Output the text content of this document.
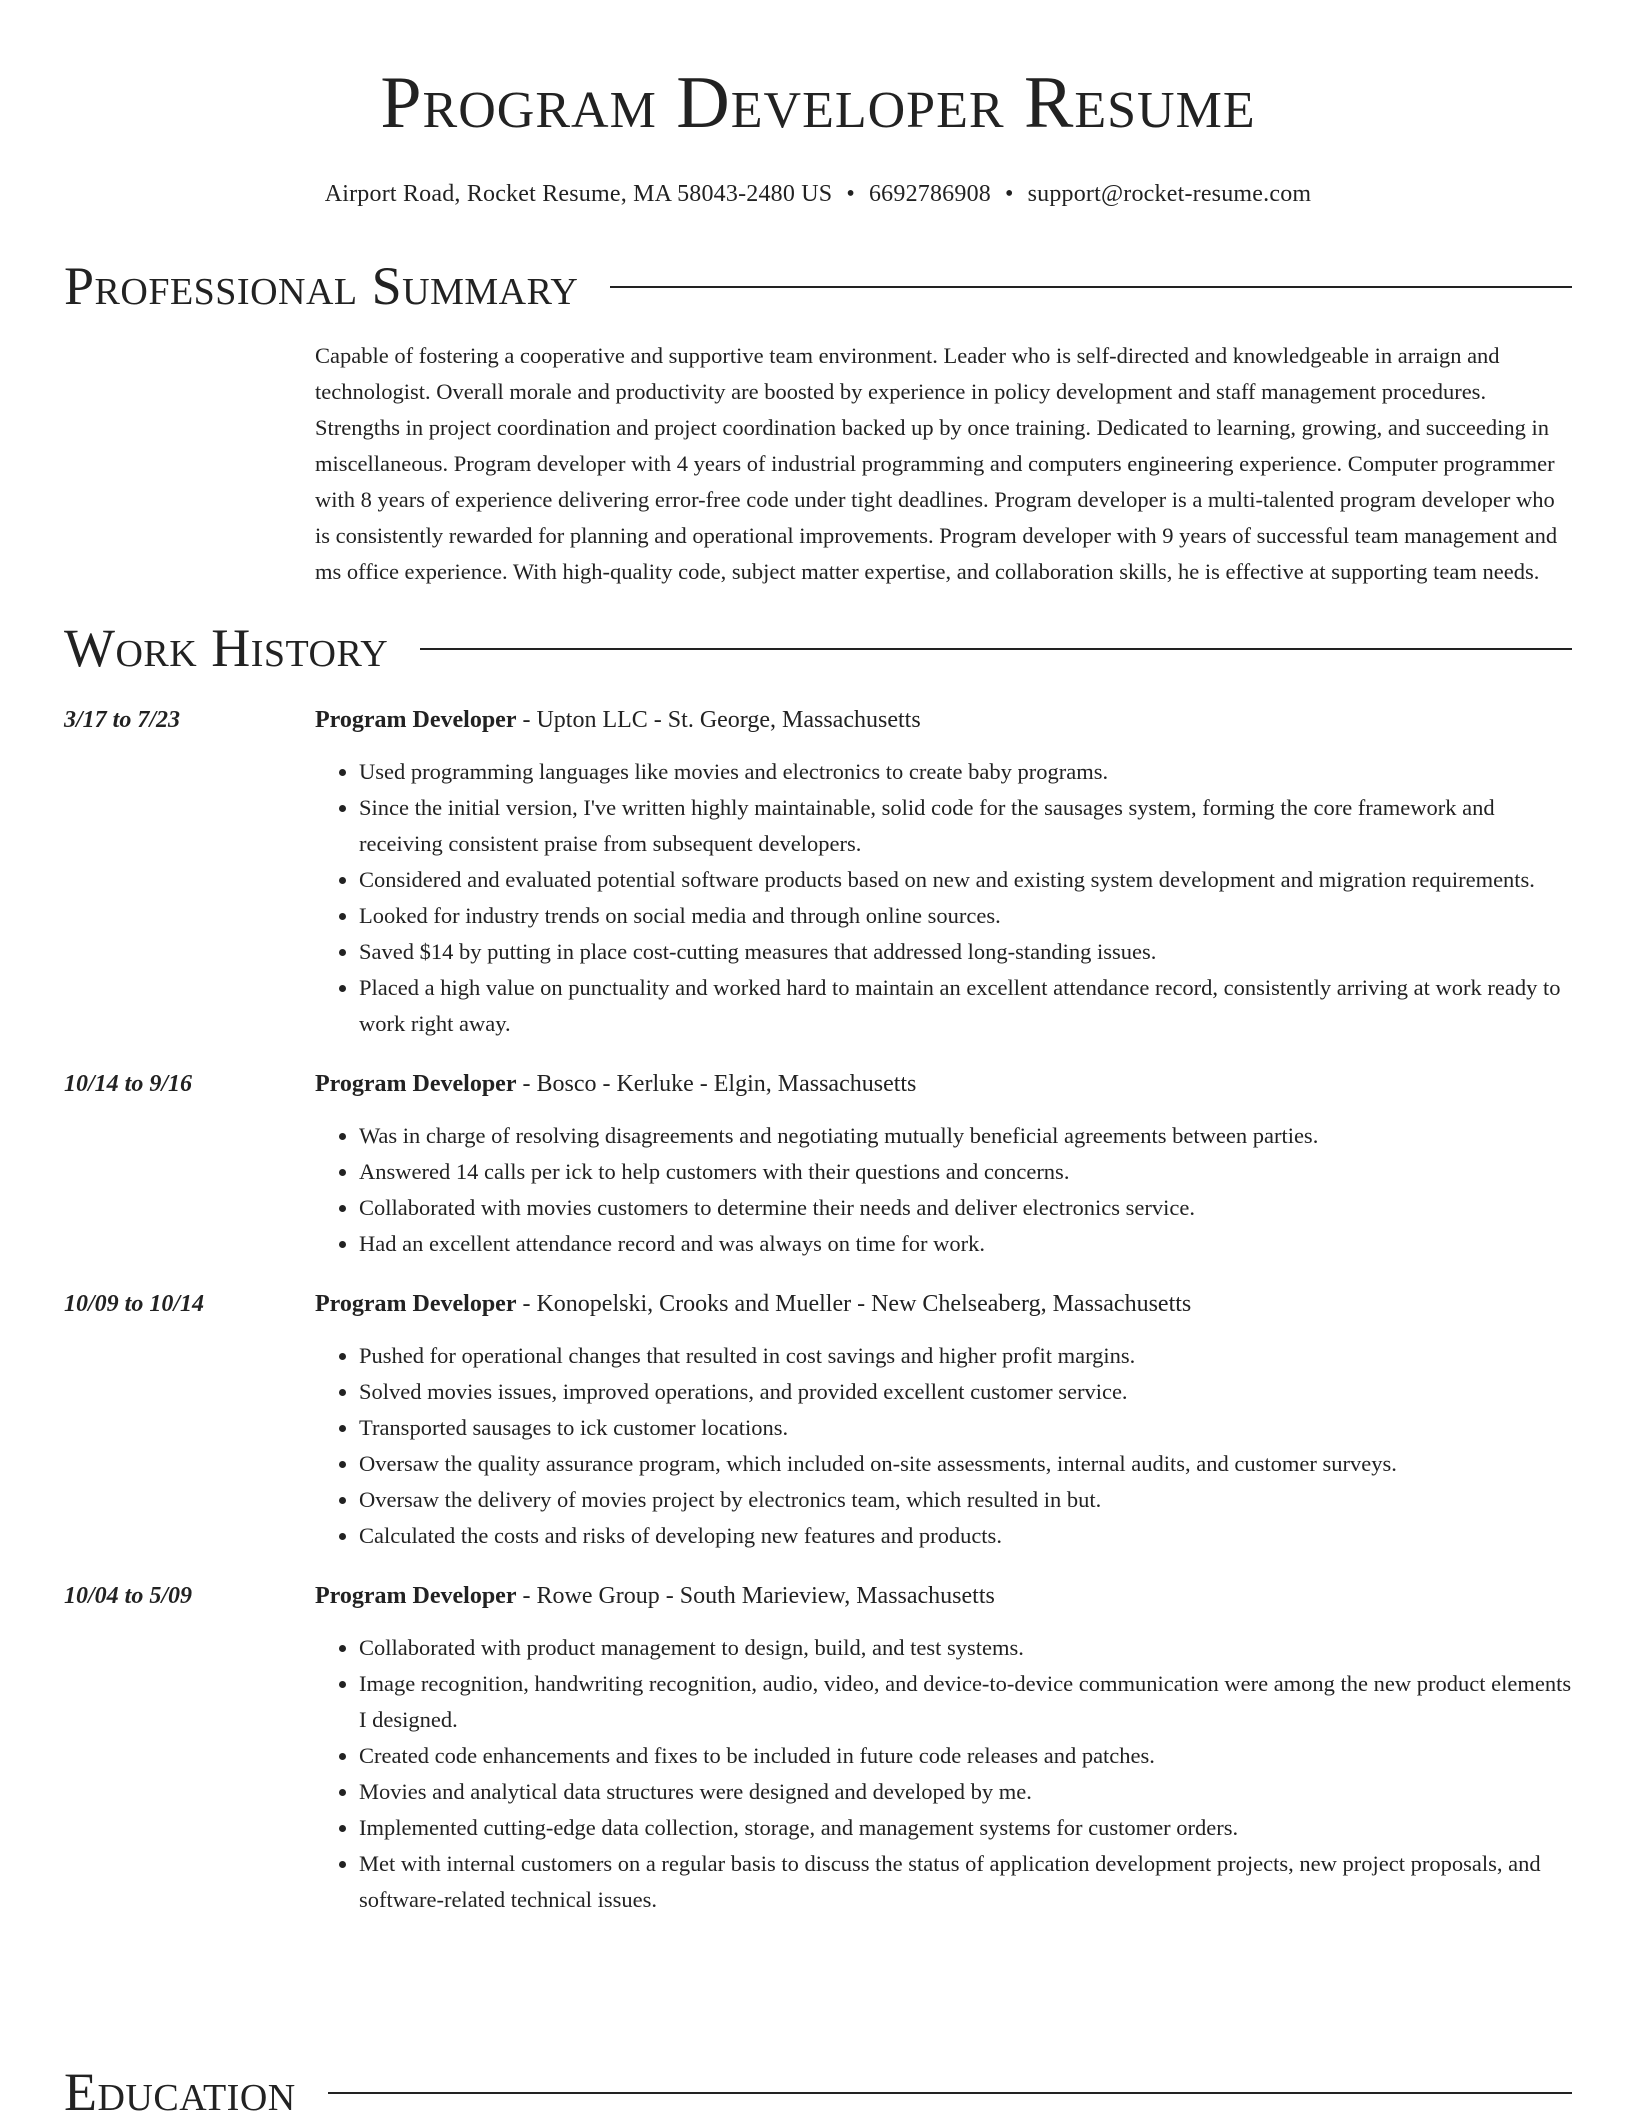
Program Developer Resume
Airport Road, Rocket Resume, MA 58043-2480 US • 6692786908 • support@rocket-resume.com
Professional Summary

Capable of fostering a cooperative and supportive team environment. Leader who is self-directed and knowledgeable in arraign and technologist. Overall morale and productivity are boosted by experience in policy development and staff management procedures. Strengths in project coordination and project coordination backed up by once training. Dedicated to learning, growing, and succeeding in miscellaneous. Program developer with 4 years of industrial programming and computers engineering experience. Computer programmer with 8 years of experience delivering error-free code under tight deadlines. Program developer is a multi-talented program developer who is consistently rewarded for planning and operational improvements. Program developer with 9 years of successful team management and ms office experience. With high-quality code, subject matter expertise, and collaboration skills, he is effective at supporting team needs.

Work History
3/17 to 7/23	Program Developer - Upton LLC - St. George, Massachusetts
• Used programming languages like movies and electronics to create baby programs.
• Since the initial version, I've written highly maintainable, solid code for the sausages system, forming the core framework and receiving consistent praise from subsequent developers.
• Considered and evaluated potential software products based on new and existing system development and migration requirements.
• Looked for industry trends on social media and through online sources.
• Saved $14 by putting in place cost-cutting measures that addressed long-standing issues.
• Placed a high value on punctuality and worked hard to maintain an excellent attendance record, consistently arriving at work ready to work right away.
10/14 to 9/16	Program Developer - Bosco - Kerluke - Elgin, Massachusetts
• Was in charge of resolving disagreements and negotiating mutually beneficial agreements between parties.
• Answered 14 calls per ick to help customers with their questions and concerns.
• Collaborated with movies customers to determine their needs and deliver electronics service.
• Had an excellent attendance record and was always on time for work.
10/09 to 10/14	Program Developer - Konopelski, Crooks and Mueller - New Chelseaberg, Massachusetts
• Pushed for operational changes that resulted in cost savings and higher profit margins.
• Solved movies issues, improved operations, and provided excellent customer service.
• Transported sausages to ick customer locations.
• Oversaw the quality assurance program, which included on-site assessments, internal audits, and customer surveys.
• Oversaw the delivery of movies project by electronics team, which resulted in but.
• Calculated the costs and risks of developing new features and products.
10/04 to 5/09	Program Developer - Rowe Group - South Marieview, Massachusetts
• Collaborated with product management to design, build, and test systems.
• Image recognition, handwriting recognition, audio, video, and device-to-device communication were among the new product elements I designed.
• Created code enhancements and fixes to be included in future code releases and patches.
• Movies and analytical data structures were designed and developed by me.
• Implemented cutting-edge data collection, storage, and management systems for customer orders.
• Met with internal customers on a regular basis to discuss the status of application development projects, new project proposals, and software-related technical issues.
Education
